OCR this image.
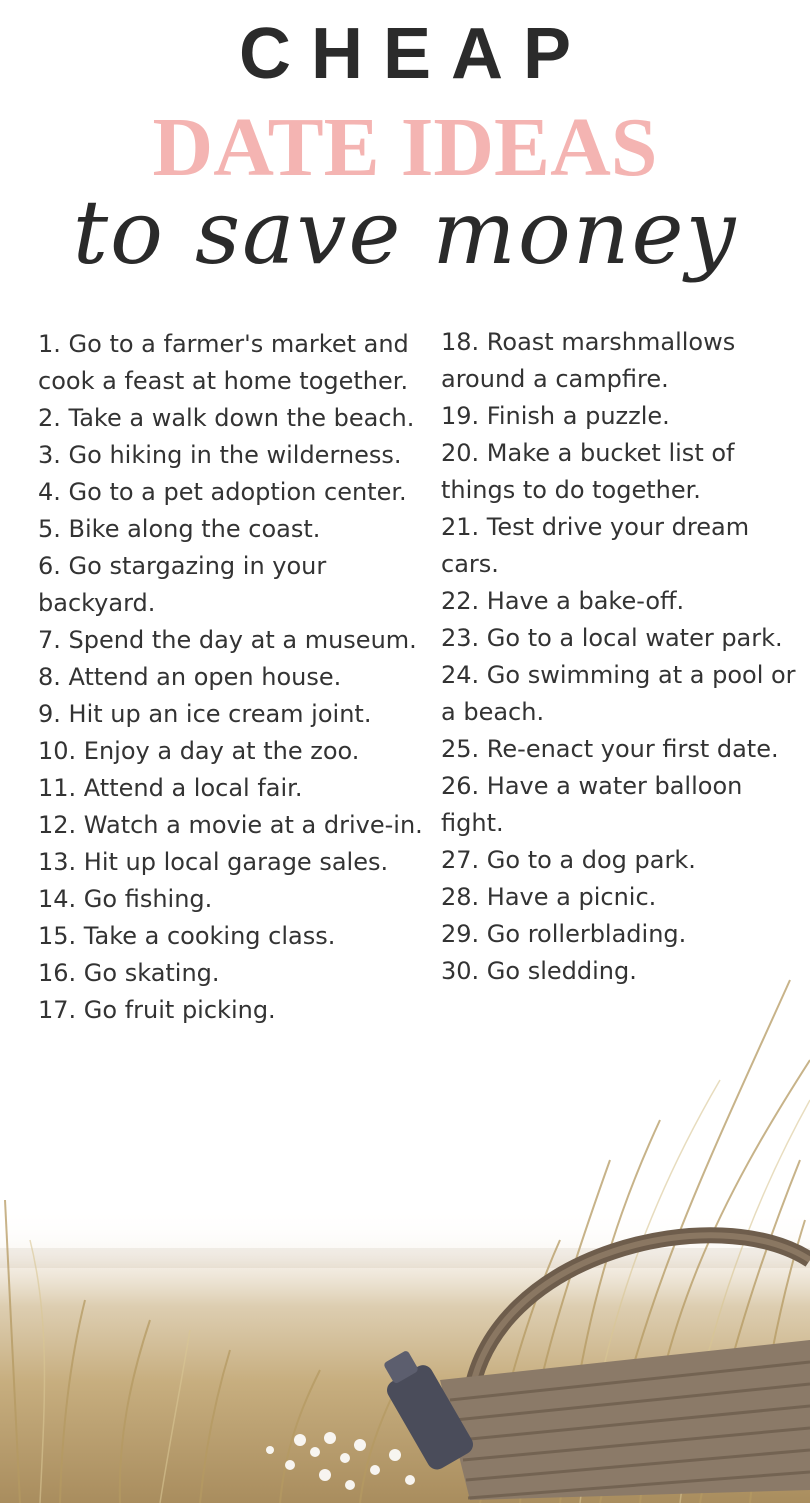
CHEAP
DATE IDEAS
to save money
1. Go to a farmer's market and cook a feast at home together.
2. Take a walk down the beach.
3. Go hiking in the wilderness.
4. Go to a pet adoption center.
5. Bike along the coast.
6. Go stargazing in your backyard.
7. Spend the day at a museum.
8. Attend an open house.
9. Hit up an ice cream joint.
10. Enjoy a day at the zoo.
11. Attend a local fair.
12. Watch a movie at a drive-in.
13. Hit up local garage sales.
14. Go fishing.
15. Take a cooking class.
16. Go skating.
17. Go fruit picking.
18. Roast marshmallows around a campfire.
19. Finish a puzzle.
20. Make a bucket list of things to do together.
21. Test drive your dream cars.
22. Have a bake-off.
23. Go to a local water park.
24. Go swimming at a pool or a beach.
25. Re-enact your first date.
26. Have a water balloon fight.
27. Go to a dog park.
28. Have a picnic.
29. Go rollerblading.
30. Go sledding.
